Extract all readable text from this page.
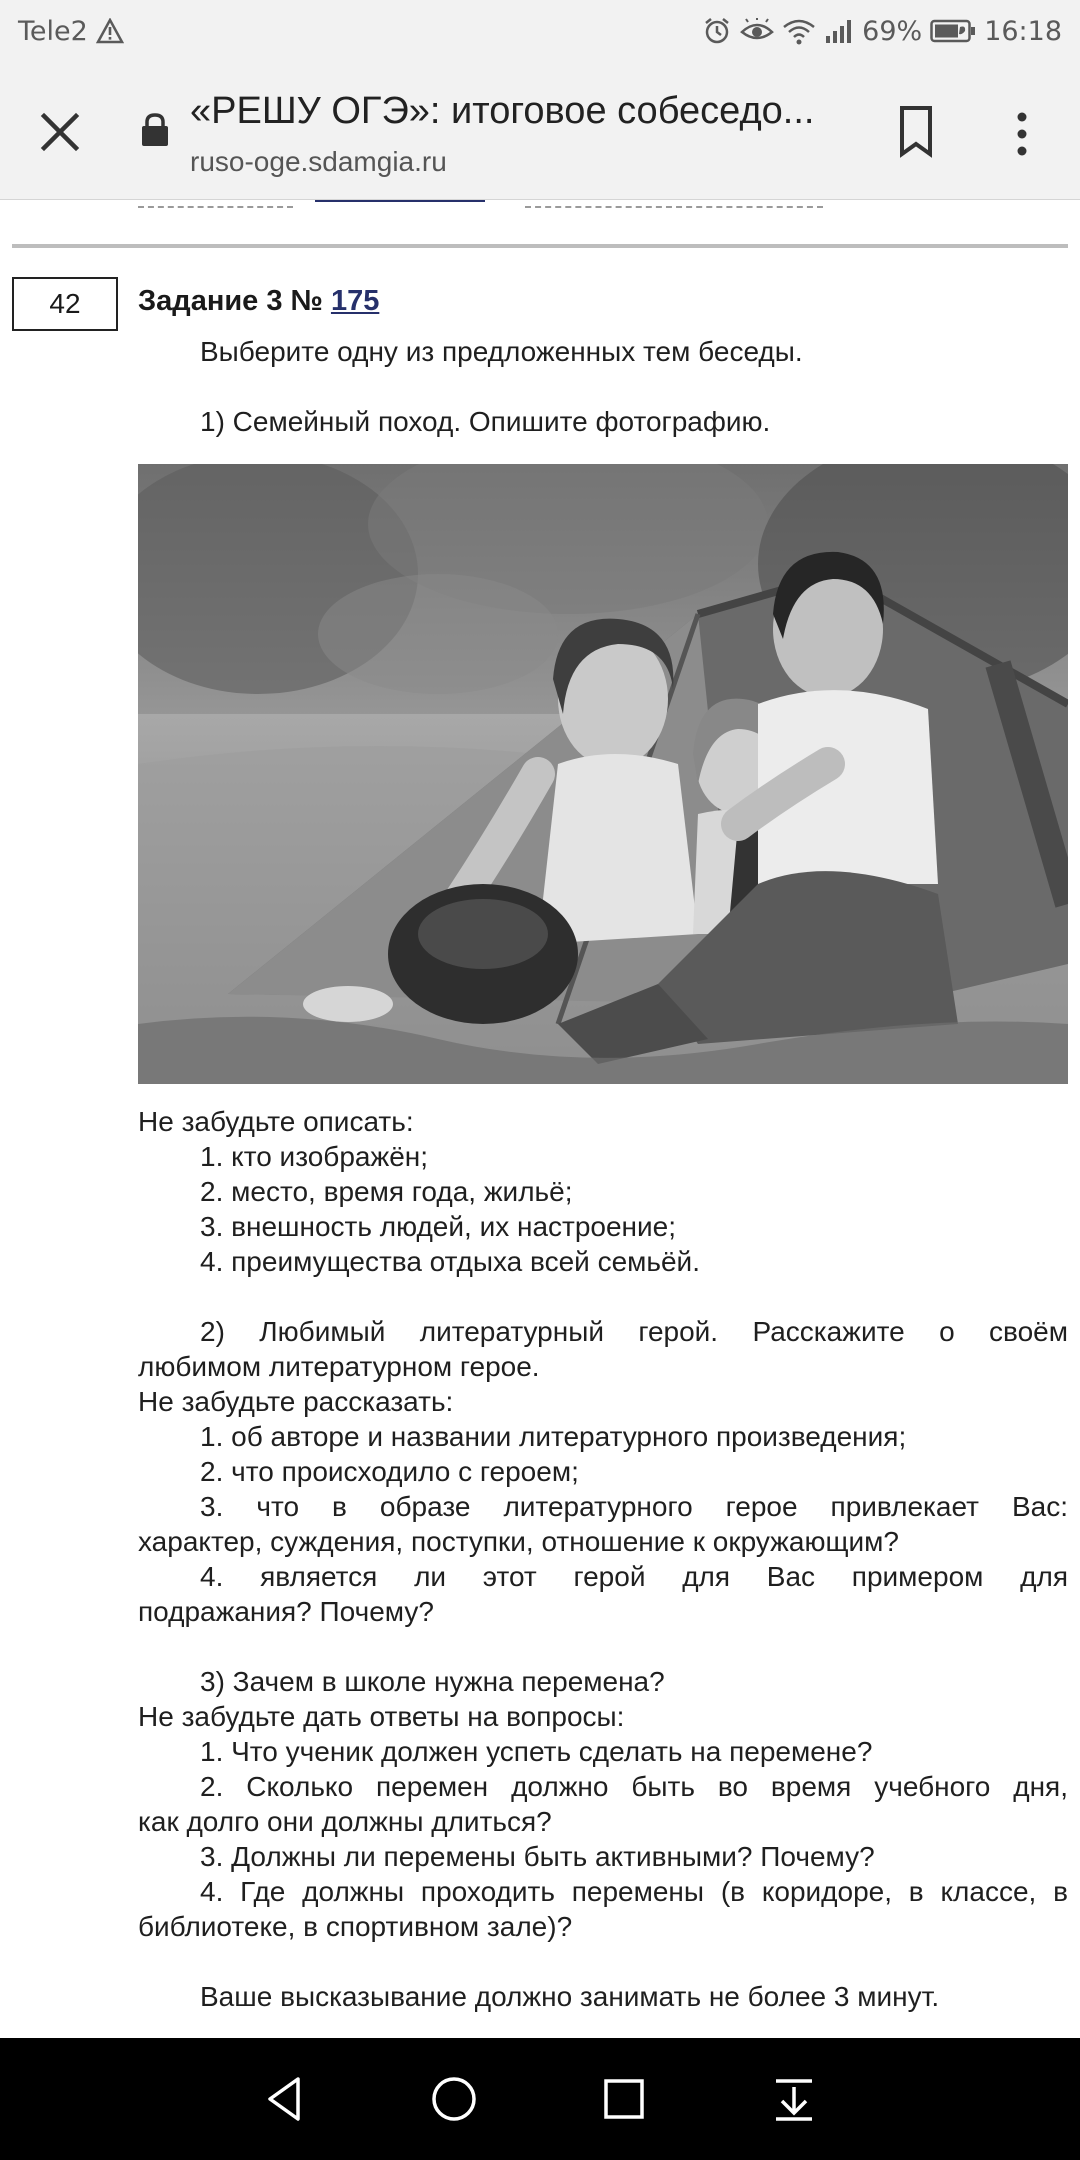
Tele2	69% 16:18
«РЕШУ ОГЭ»: итоговое собеседо...
ruso-oge.sdamgia.ru
42	Задание 3 № 175
Выберите одну из предложенных тем беседы.
1) Семейный поход. Опишите фотографию.
Не забудьте описать:
1. кто изображён;
2. место, время года, жильё;
3. внешность людей, их настроение;
4. преимущества отдыха всей семьёй.
2) Любимый литературный герой. Расскажите о своём
любимом литературном герое.
Не забудьте рассказать:
1. об авторе и названии литературного произведения;
2. что происходило с героем;
3. что в образе литературного герое привлекает Вас:
характер, суждения, поступки, отношение к окружающим?
4. является ли этот герой для Вас примером для
подражания? Почему?
3) Зачем в школе нужна перемена?
Не забудьте дать ответы на вопросы:
1. Что ученик должен успеть сделать на перемене?
2. Сколько перемен должно быть во время учебного дня,
как долго они должны длиться?
3. Должны ли перемены быть активными? Почему?
4. Где должны проходить перемены (в коридоре, в классе, в
библиотеке, в спортивном зале)?
Ваше высказывание должно занимать не более 3 минут.
